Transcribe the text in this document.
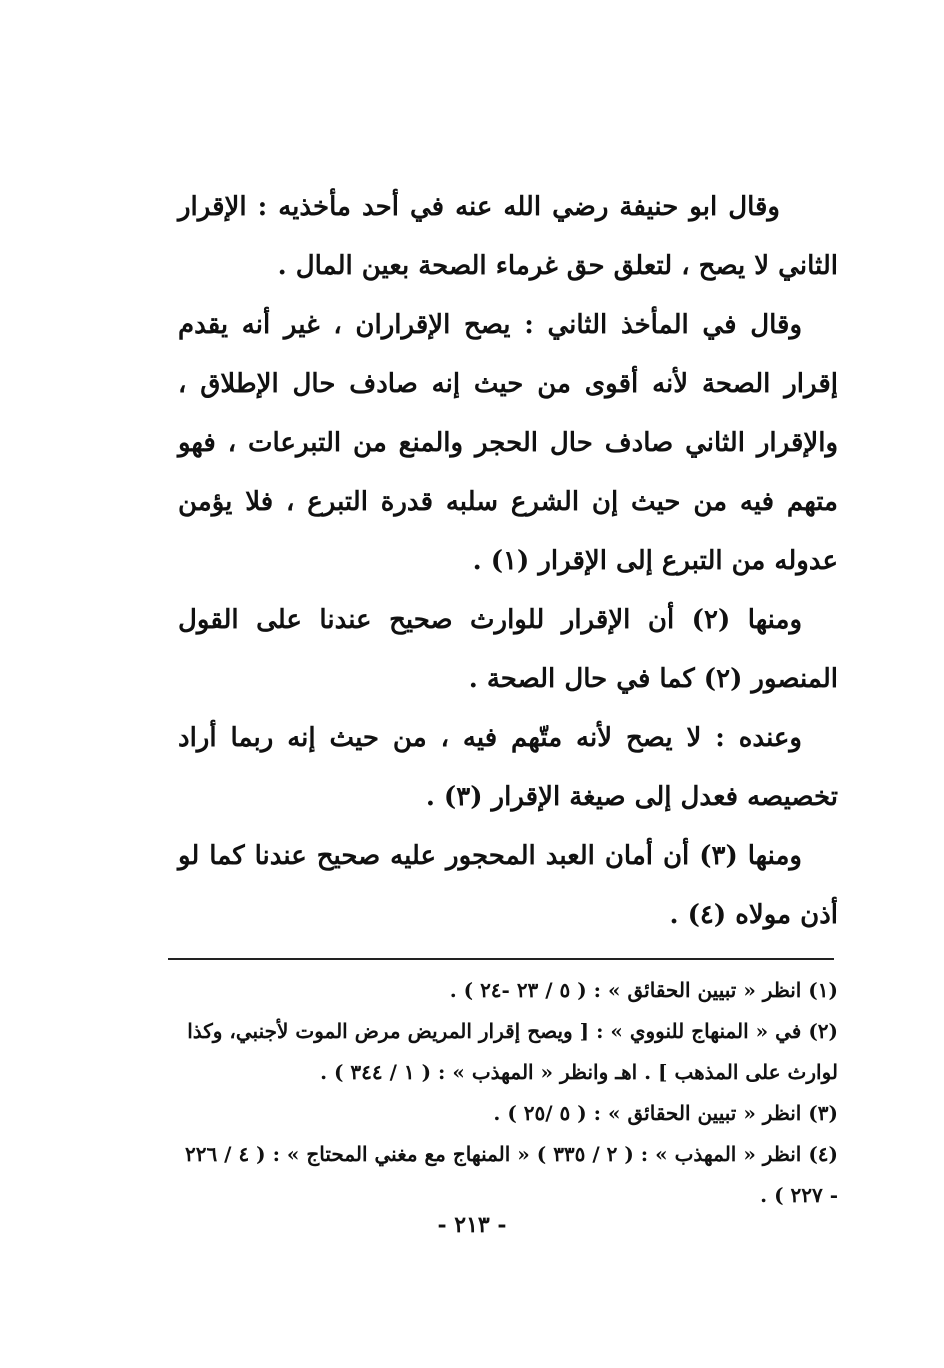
وقال ابو حنيفة رضي الله عنه في أحد مأخذيه : الإقرار الثاني لا يصح ، لتعلق حق غرماء الصحة بعين المال .

وقال في المأخذ الثاني : يصح الإقراران ، غير أنه يقدم إقرار الصحة لأنه أقوى من حيث إنه صادف حال الإطلاق ، والإقرار الثاني صادف حال الحجر والمنع من التبرعات ، فهو متهم فيه من حيث إن الشرع سلبه قدرة التبرع ، فلا يؤمن عدوله من التبرع إلى الإقرار (١) .

ومنها (٢) أن الإقرار للوارث صحيح عندنا على القول المنصور (٢) كما في حال الصحة .

وعنده : لا يصح لأنه متّهم فيه ، من حيث إنه ربما أراد تخصيصه فعدل إلى صيغة الإقرار (٣) .

ومنها (٣) أن أمان العبد المحجور عليه صحيح عندنا كما لو أذن مولاه (٤) .

(١) انظر « تبيين الحقائق » : ( ٥ / ٢٣ -٢٤ ) .

(٢) في « المنهاج للنووي » : [ ويصح إقرار المريض مرض الموت لأجنبي، وكذا لوارث على المذهب ] . اهـ وانظر « المهذب » : ( ١ / ٣٤٤ ) .

(٣) انظر « تبيين الحقائق » : ( ٥ /٢٥ ) .

(٤) انظر « المهذب » : ( ٢ / ٣٣٥ ) « المنهاج مع مغني المحتاج » : ( ٤ / ٢٢٦ - ٢٢٧ ) .

- ٢١٣ -
